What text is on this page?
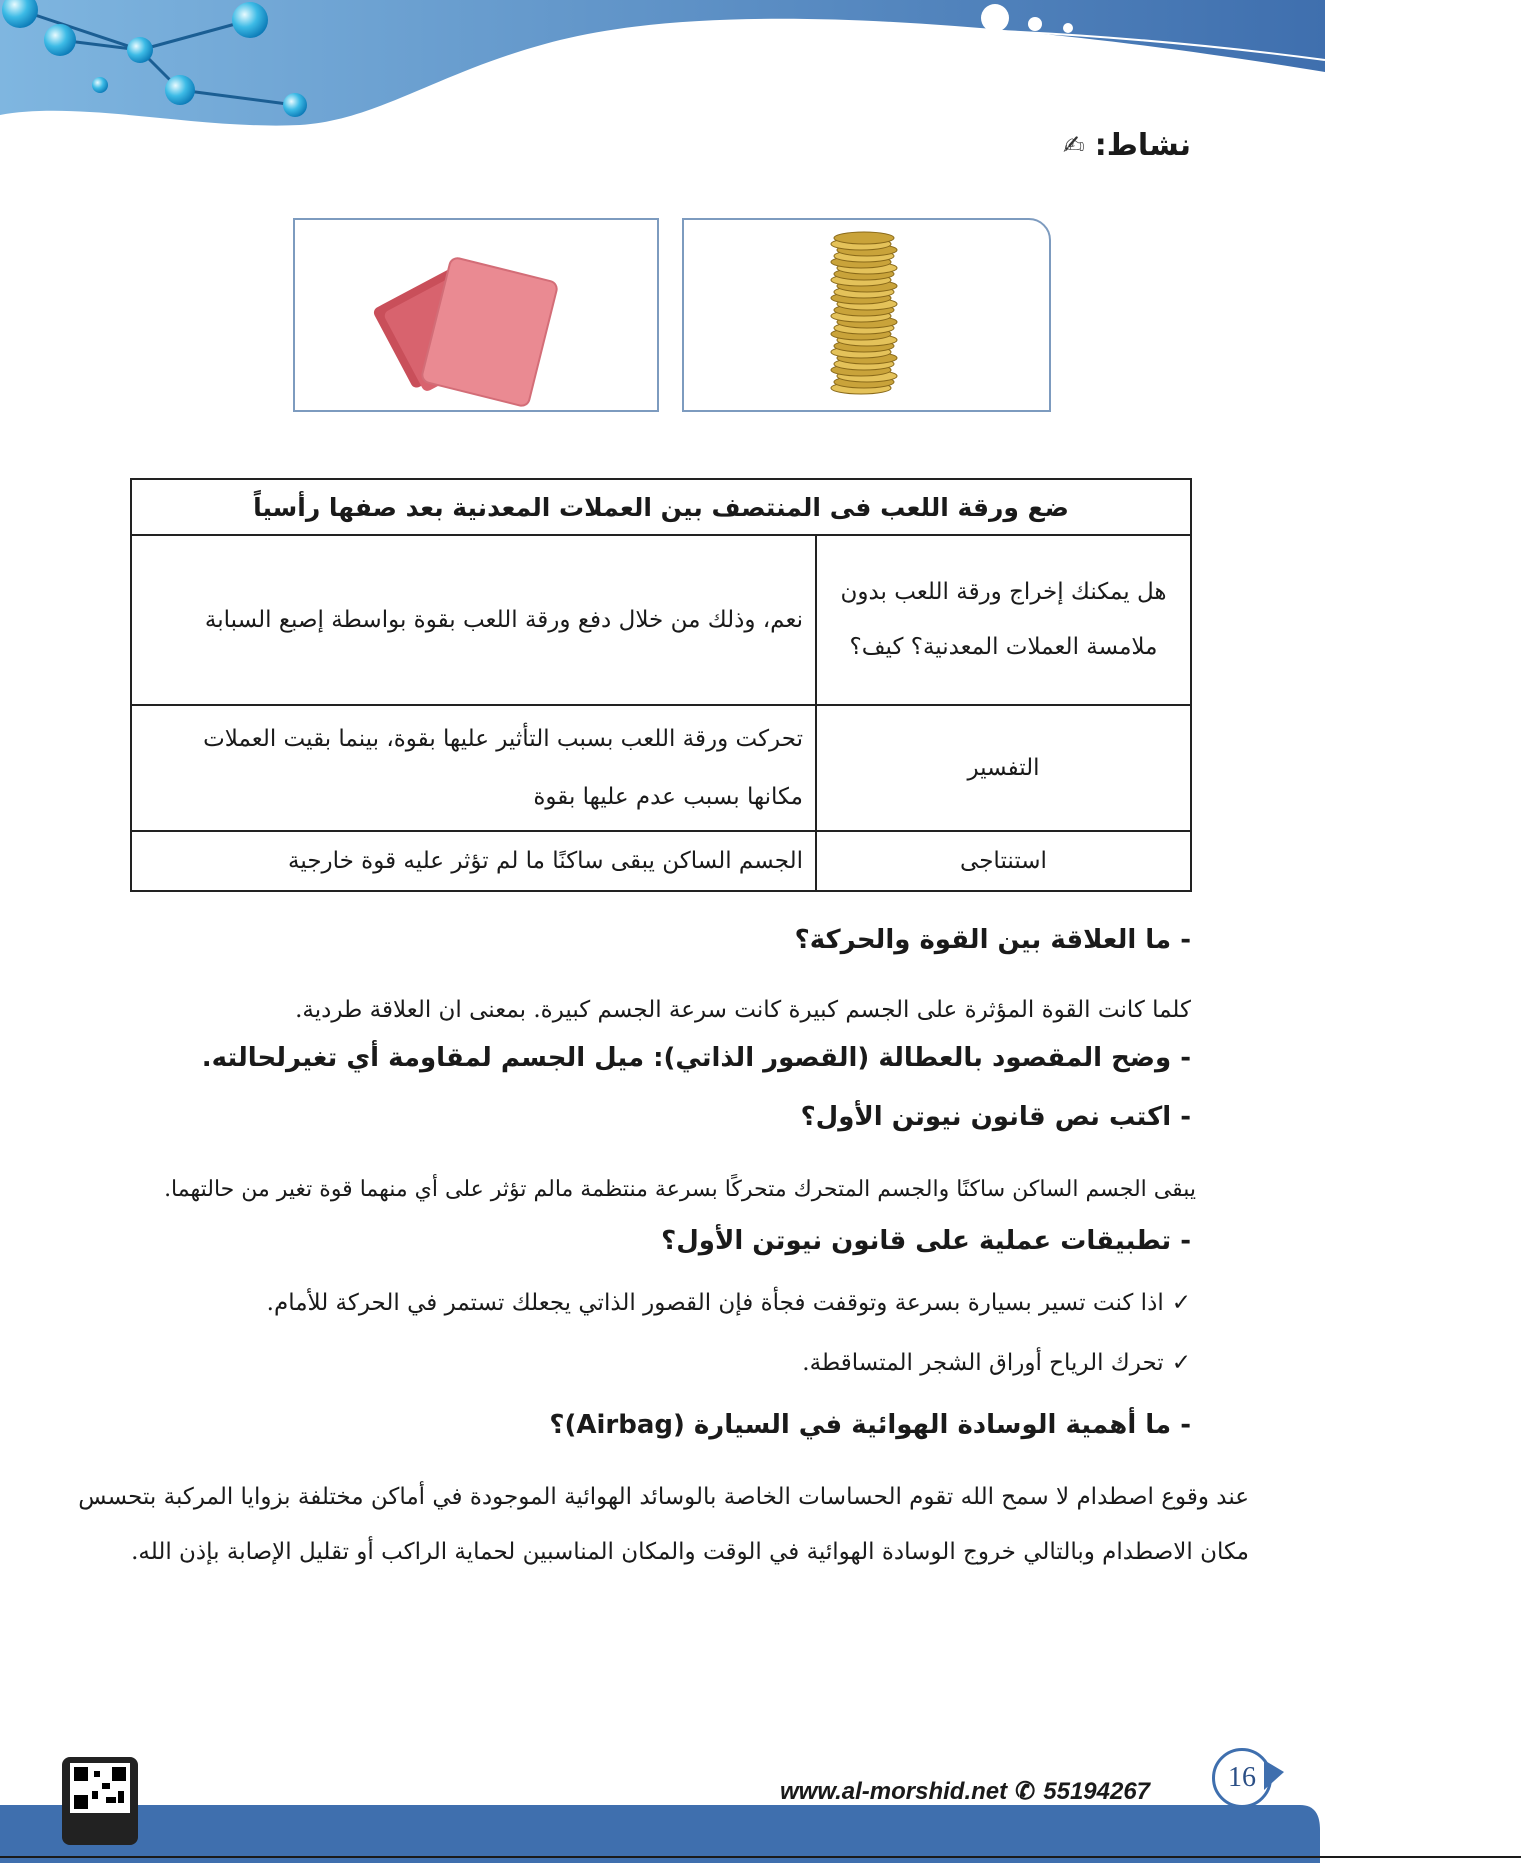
نشاط:
✍
ضع ورقة اللعب فى المنتصف بين العملات المعدنية بعد صفها رأسياً	
هل يمكنك إخراج ورقة اللعب بدون ملامسة العملات المعدنية؟ كيف؟	نعم، وذلك من خلال دفع ورقة اللعب بقوة بواسطة إصبع السبابة
التفسير	تحركت ورقة اللعب بسبب التأثير عليها بقوة، بينما بقيت العملات مكانها بسبب عدم عليها بقوة
استنتاجى	الجسم الساكن يبقى ساكنًا ما لم تؤثر عليه قوة خارجية
- ما العلاقة بين القوة والحركة؟
كلما كانت القوة المؤثرة على الجسم كبيرة كانت سرعة الجسم كبيرة. بمعنى ان العلاقة طردية.
- وضح المقصود بالعطالة (القصور الذاتي): ميل الجسم لمقاومة أي تغيرلحالته.
- اكتب نص قانون نيوتن الأول؟
يبقى الجسم الساكن ساكنًا والجسم المتحرك متحركًا بسرعة منتظمة مالم تؤثر على أي منهما قوة تغير من حالتهما.
- تطبيقات عملية على قانون نيوتن الأول؟
✓
اذا كنت تسير بسيارة بسرعة وتوقفت فجأة فإن القصور الذاتي يجعلك تستمر في الحركة للأمام.
✓
تحرك الرياح أوراق الشجر المتساقطة.
- ما أهمية الوسادة الهوائية في السيارة (Airbag)؟
عند وقوع اصطدام لا سمح الله تقوم الحساسات الخاصة بالوسائد الهوائية الموجودة في أماكن مختلفة بزوايا المركبة بتحسس مكان الاصطدام وبالتالي خروج الوسادة الهوائية في الوقت والمكان المناسبين لحماية الراكب أو تقليل الإصابة بإذن الله.
www.al-morshid.net ✆ 55194267	16
